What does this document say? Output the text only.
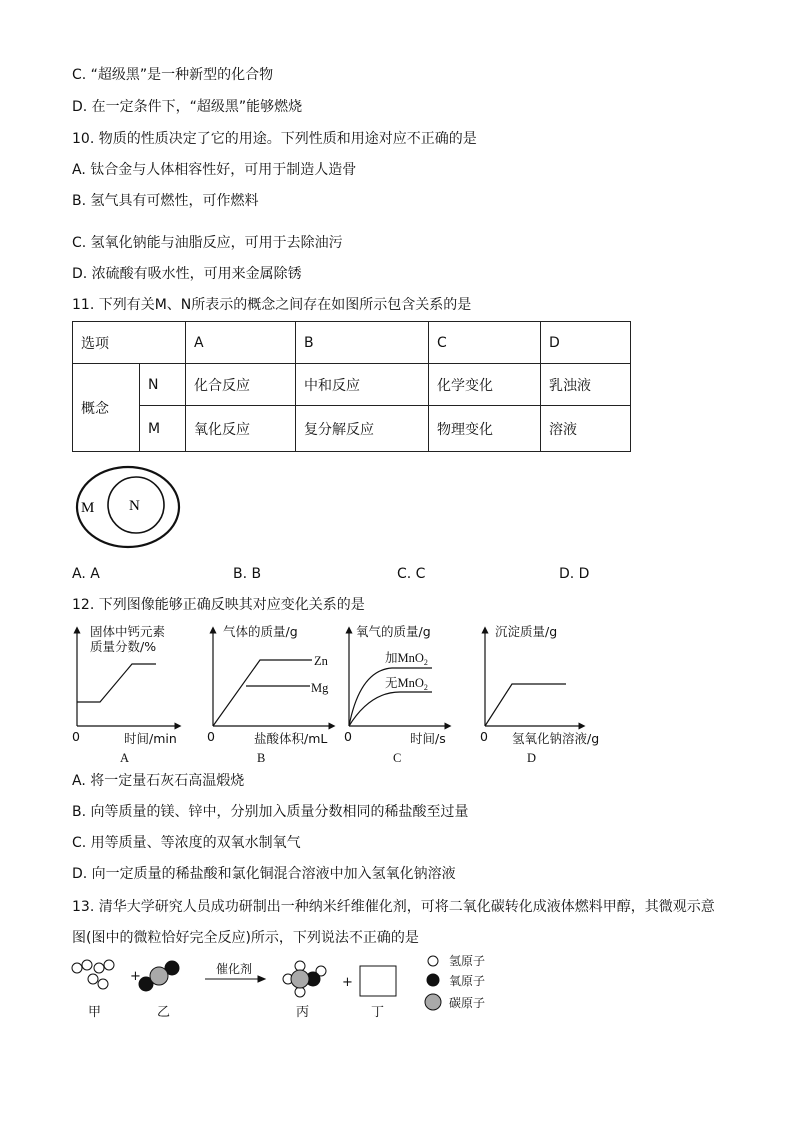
C. “超级黑”是一种新型的化合物
D. 在一定条件下，“超级黑”能够燃烧
10. 物质的性质决定了它的用途。下列性质和用途对应不正确的是
A. 钛合金与人体相容性好，可用于制造人造骨
B. 氢气具有可燃性，可作燃料
C. 氢氧化钠能与油脂反应，可用于去除油污
D. 浓硫酸有吸水性，可用来金属除锈
11. 下列有关M、N所表示的概念之间存在如图所示包含关系的是
选项		A	B	C	D
概念	N	化合反应	中和反应	化学变化	乳浊液
	M	氧化反应	复分解反应	物理变化	溶液
M N
A. A	B. B	C. C	D. D
12. 下列图像能够正确反映其对应变化关系的是
固体中钙元素
质量分数/%
0	时间/min
A
气体的质量/g
Zn
Mg
0	盐酸体积/mL
B
氧气的质量/g
加MnO$_2$
无MnO$_2$
0	时间/s
C
沉淀质量/g
0 氢氧化钠溶液/g
D
A. 将一定量石灰石高温煅烧
B. 向等质量的镁、锌中，分别加入质量分数相同的稀盐酸至过量
C. 用等质量、等浓度的双氧水制氧气
D. 向一定质量的稀盐酸和氯化铜混合溶液中加入氢氧化钠溶液
13. 清华大学研究人员成功研制出一种纳米纤维催化剂，可将二氧化碳转化成液体燃料甲醇，其微观示意
图(图中的微粒恰好完全反应)所示，下列说法不正确的是
+	催化剂
+
氢原子
氧原子
碳原子
甲	乙	丙	丁
